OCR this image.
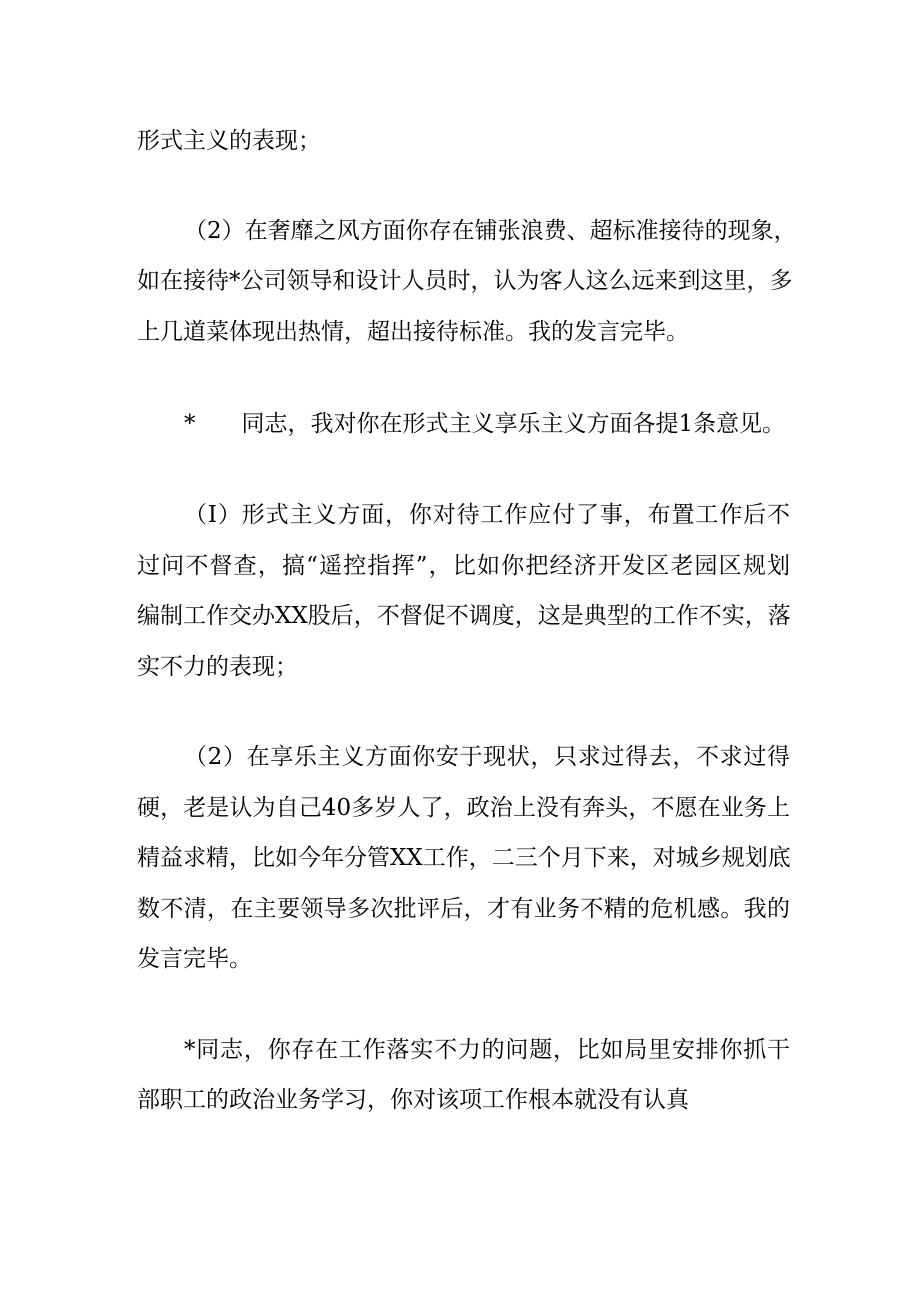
形式主义的表现；
（2）在奢靡之风方面你存在铺张浪费、超标准接待的现象，
如在接待*公司领导和设计人员时，认为客人这么远来到这里，多
上几道菜体现出热情，超出接待标准。我的发言完毕。
*　　同志，我对你在形式主义享乐主义方面各提1条意见。
（I）形式主义方面，你对待工作应付了事，布置工作后不
过问不督查，搞“遥控指挥”，比如你把经济开发区老园区规划
编制工作交办XX股后，不督促不调度，这是典型的工作不实，落
实不力的表现；
（2）在享乐主义方面你安于现状，只求过得去，不求过得
硬，老是认为自己40多岁人了，政治上没有奔头，不愿在业务上
精益求精，比如今年分管XX工作，二三个月下来，对城乡规划底
数不清，在主要领导多次批评后，才有业务不精的危机感。我的
发言完毕。
*同志，你存在工作落实不力的问题，比如局里安排你抓干
部职工的政治业务学习，你对该项工作根本就没有认真
